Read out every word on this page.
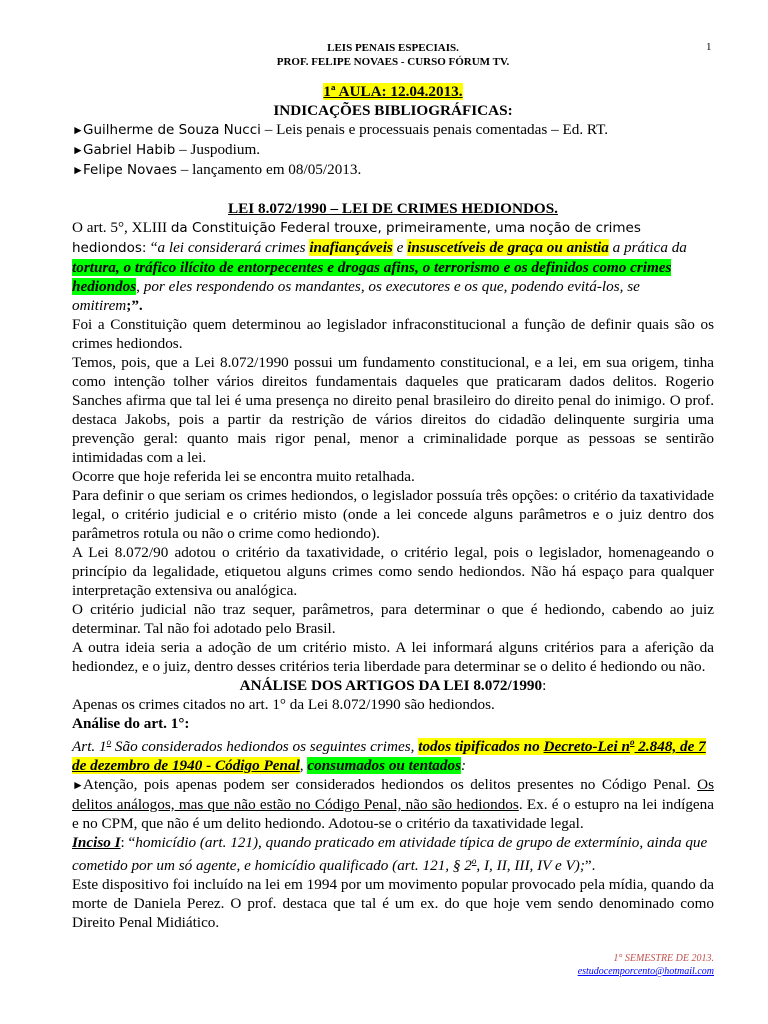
LEIS PENAIS ESPECIAIS.
PROF. FELIPE NOVAES - CURSO FÓRUM TV.
1

1ª AULA: 12.04.2013.

INDICAÇÕES BIBLIOGRÁFICAS:

►Guilherme de Souza Nucci – Leis penais e processuais penais comentadas – Ed. RT.

►Gabriel Habib – Juspodium.

►Felipe Novaes – lançamento em 08/05/2013.

LEI 8.072/1990 – LEI DE CRIMES HEDIONDOS.

O art. 5°, XLIII da Constituição Federal trouxe, primeiramente, uma noção de crimes hediondos: “a lei considerará crimes inafiançáveis e insuscetíveis de graça ou anistia a prática da tortura, o tráfico ilícito de entorpecentes e drogas afins, o terrorismo e os definidos como crimes hediondos, por eles respondendo os mandantes, os executores e os que, podendo evitá-los, se omitirem;”.

Foi a Constituição quem determinou ao legislador infraconstitucional a função de definir quais são os crimes hediondos.

Temos, pois, que a Lei 8.072/1990 possui um fundamento constitucional, e a lei, em sua origem, tinha como intenção tolher vários direitos fundamentais daqueles que praticaram dados delitos. Rogerio Sanches afirma que tal lei é uma presença no direito penal brasileiro do direito penal do inimigo. O prof. destaca Jakobs, pois a partir da restrição de vários direitos do cidadão delinquente surgiria uma prevenção geral: quanto mais rigor penal, menor a criminalidade porque as pessoas se sentirão intimidadas com a lei.

Ocorre que hoje referida lei se encontra muito retalhada.

Para definir o que seriam os crimes hediondos, o legislador possuía três opções: o critério da taxatividade legal, o critério judicial e o critério misto (onde a lei concede alguns parâmetros e o juiz dentro dos parâmetros rotula ou não o crime como hediondo).

A Lei 8.072/90 adotou o critério da taxatividade, o critério legal, pois o legislador, homenageando o princípio da legalidade, etiquetou alguns crimes como sendo hediondos. Não há espaço para qualquer interpretação extensiva ou analógica.

O critério judicial não traz sequer, parâmetros, para determinar o que é hediondo, cabendo ao juiz determinar. Tal não foi adotado pelo Brasil.

A outra ideia seria a adoção de um critério misto. A lei informará alguns critérios para a aferição da hediondez, e o juiz, dentro desses critérios teria liberdade para determinar se o delito é hediondo ou não.

ANÁLISE DOS ARTIGOS DA LEI 8.072/1990:

Apenas os crimes citados no art. 1° da Lei 8.072/1990 são hediondos.

Análise do art. 1°:

Art. 1$^o$ São considerados hediondos os seguintes crimes, todos tipificados no Decreto-Lei $n^o$ 2.848, de 7 de dezembro de 1940 - Código Penal, consumados ou tentados:

►Atenção, pois apenas podem ser considerados hediondos os delitos presentes no Código Penal. Os delitos análogos, mas que não estão no Código Penal, não são hediondos. Ex. é o estupro na lei indígena e no CPM, que não é um delito hediondo. Adotou-se o critério da taxatividade legal.

Inciso I: “homicídio (art. 121), quando praticado em atividade típica de grupo de extermínio, ainda que cometido por um só agente, e homicídio qualificado (art. 121, § 2$^o$, I, II, III, IV e V);”.

Este dispositivo foi incluído na lei em 1994 por um movimento popular provocado pela mídia, quando da morte de Daniela Perez. O prof. destaca que tal é um ex. do que hoje vem sendo denominado como Direito Penal Midiático.

1° SEMESTRE DE 2013.
estudocemporcento@hotmail.com
